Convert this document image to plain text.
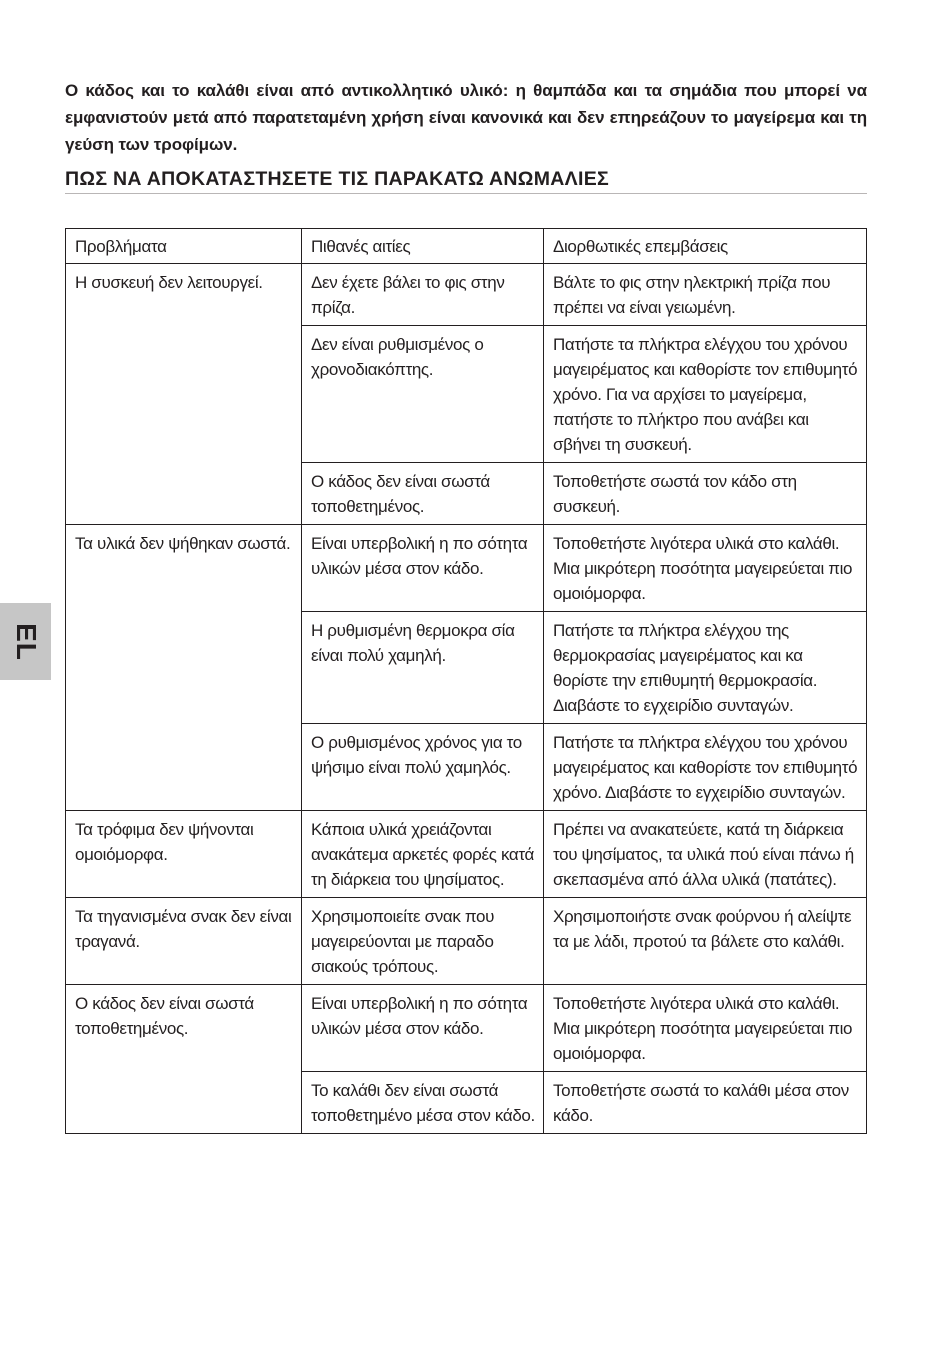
Ο κάδος και το καλάθι είναι από αντικολλητικό υλικό: η θαμπάδα και τα σημάδια που μπορεί να εμφανιστούν μετά από παρατεταμένη χρήση είναι κανονικά και δεν επηρεάζουν το μαγείρεμα και τη γεύση των τροφίμων.

ΠΩΣ ΝΑ ΑΠΟΚΑΤΑΣΤΗΣΕΤΕ ΤΙΣ ΠΑΡΑΚΑΤΩ ΑΝΩΜΑΛΙΕΣ
EL
Προβλήματα	Πιθανές αιτίες	Διορθωτικές επεμβάσεις
Η συσκευή δεν λειτουργεί.	Δεν έχετε βάλει το φις στην πρίζα.	Βάλτε το φις στην ηλεκτρική πρίζα που πρέπει να είναι γειωμένη.
	Δεν είναι ρυθμισμένος ο χρονοδιακόπτης.	Πατήστε τα πλήκτρα ελέγχου του χρόνου μαγειρέματος και καθορίστε τον επιθυμητό χρόνο. Για να αρχίσει το μαγείρεμα, πατήστε το πλήκτρο που ανάβει και σβήνει τη συσκευή.
	Ο κάδος δεν είναι σωστά τοποθετημένος.	Τοποθετήστε σωστά τον κάδο στη συσκευή.
Τα υλικά δεν ψήθηκαν σωστά.	Είναι υπερβολική η πο σότητα υλικών μέσα στον κάδο.	Τοποθετήστε λιγότερα υλικά στο καλάθι. Μια μικρότερη ποσότητα μαγειρεύεται πιο ομοιόμορφα.
	Η ρυθμισμένη θερμοκρα σία είναι πολύ χαμηλή.	Πατήστε τα πλήκτρα ελέγχου της θερμοκρασίας μαγειρέματος και κα θορίστε την επιθυμητή θερμοκρασία. Διαβάστε το εγχειρίδιο συνταγών.
	Ο ρυθμισμένος χρόνος για το ψήσιμο είναι πολύ χαμηλός.	Πατήστε τα πλήκτρα ελέγχου του χρόνου μαγειρέματος και καθορίστε τον επιθυμητό χρόνο. Διαβάστε το εγχειρίδιο συνταγών.
Τα τρόφιμα δεν ψήνονται ομοιόμορφα.	Κάποια υλικά χρειάζονται ανακάτεμα αρκετές φορές κατά τη διάρκεια του ψησίματος.	Πρέπει να ανακατεύετε, κατά τη διάρκεια του ψησίματος, τα υλικά πού είναι πάνω ή σκεπασμένα από άλλα υλικά (πατάτες).
Τα τηγανισμένα σνακ δεν είναι τραγανά.	Χρησιμοποιείτε σνακ που μαγειρεύονται με παραδο σιακούς τρόπους.	Χρησιμοποιήστε σνακ φούρνου ή αλείψτε τα με λάδι, προτού τα βάλετε στο καλάθι.
Ο κάδος δεν είναι σωστά τοποθετημένος.	Είναι υπερβολική η πο σότητα υλικών μέσα στον κάδο.	Τοποθετήστε λιγότερα υλικά στο καλάθι. Μια μικρότερη ποσότητα μαγειρεύεται πιο ομοιόμορφα.
	Το καλάθι δεν είναι σωστά τοποθετημένο μέσα στον κάδο.	Τοποθετήστε σωστά το καλάθι μέσα στον κάδο.
